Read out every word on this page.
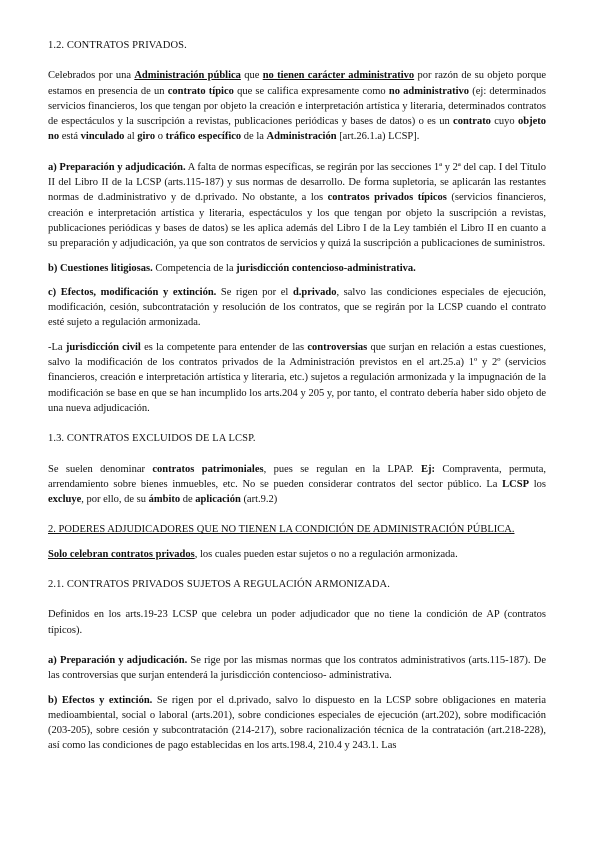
1.2. CONTRATOS PRIVADOS.

Celebrados por una Administración pública que no tienen carácter administrativo por razón de su objeto porque estamos en presencia de un contrato típico que se califica expresamente como no administrativo (ej: determinados servicios financieros, los que tengan por objeto la creación e interpretación artística y literaria, determinados contratos de espectáculos y la suscripción a revistas, publicaciones periódicas y bases de datos) o es un contrato cuyo objeto no está vinculado al giro o tráfico específico de la Administración [art.26.1.a) LCSP].

a) Preparación y adjudicación. A falta de normas específicas, se regirán por las secciones 1ª y 2ª del cap. I del Título II del Libro II de la LCSP (arts.115-187) y sus normas de desarrollo. De forma supletoria, se aplicarán las restantes normas de d.administrativo y de d.privado. No obstante, a los contratos privados típicos (servicios financieros, creación e interpretación artística y literaria, espectáculos y los que tengan por objeto la suscripción a revistas, publicaciones periódicas y bases de datos) se les aplica además del Libro I de la Ley también el Libro II en cuanto a su preparación y adjudicación, ya que son contratos de servicios y quizá la suscripción a publicaciones de suministros.

b) Cuestiones litigiosas. Competencia de la jurisdicción contencioso-administrativa.

c) Efectos, modificación y extinción. Se rigen por el d.privado, salvo las condiciones especiales de ejecución, modificación, cesión, subcontratación y resolución de los contratos, que se regirán por la LCSP cuando el contrato esté sujeto a regulación armonizada.

-La jurisdicción civil es la competente para entender de las controversias que surjan en relación a estas cuestiones, salvo la modificación de los contratos privados de la Administración previstos en el art.25.a) 1º y 2º (servicios financieros, creación e interpretación artística y literaria, etc.) sujetos a regulación armonizada y la impugnación de la modificación se base en que se han incumplido los arts.204 y 205 y, por tanto, el contrato debería haber sido objeto de una nueva adjudicación.

1.3. CONTRATOS EXCLUIDOS DE LA LCSP.

Se suelen denominar contratos patrimoniales, pues se regulan en la LPAP. Ej: Compraventa, permuta, arrendamiento sobre bienes inmuebles, etc. No se pueden considerar contratos del sector público. La LCSP los excluye, por ello, de su ámbito de aplicación (art.9.2)

2. PODERES ADJUDICADORES QUE NO TIENEN LA CONDICIÓN DE ADMINISTRACIÓN PÚBLICA.

Solo celebran contratos privados, los cuales pueden estar sujetos o no a regulación armonizada.

2.1. CONTRATOS PRIVADOS SUJETOS A REGULACIÓN ARMONIZADA.

Definidos en los arts.19-23 LCSP que celebra un poder adjudicador que no tiene la condición de AP (contratos típicos).

a) Preparación y adjudicación. Se rige por las mismas normas que los contratos administrativos (arts.115-187). De las controversias que surjan entenderá la jurisdicción contencioso- administrativa.

b) Efectos y extinción. Se rigen por el d.privado, salvo lo dispuesto en la LCSP sobre obligaciones en materia medioambiental, social o laboral (arts.201), sobre condiciones especiales de ejecución (art.202), sobre modificación (203-205), sobre cesión y subcontratación (214-217), sobre racionalización técnica de la contratación (art.218-228), así como las condiciones de pago establecidas en los arts.198.4, 210.4 y 243.1. Las
